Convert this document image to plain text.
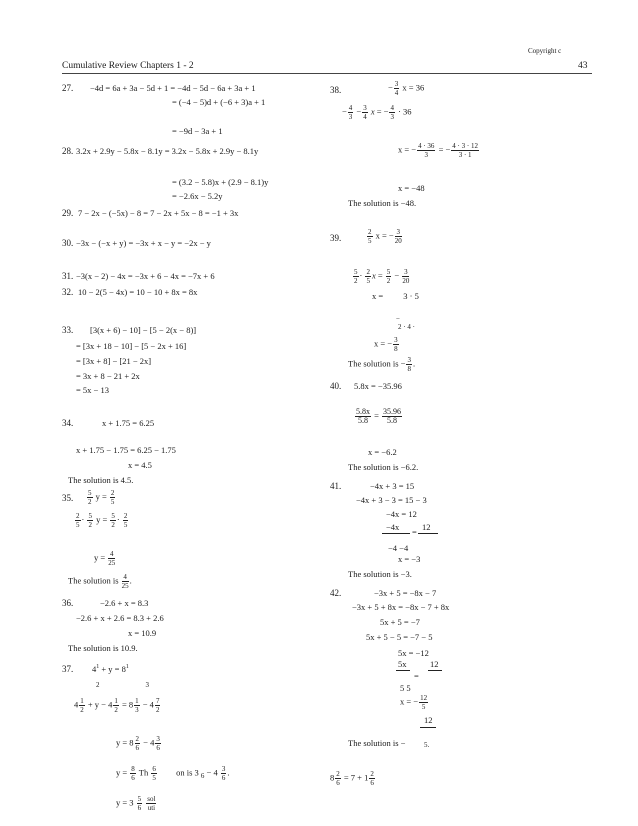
Copyright c
Cumulative Review Chapters 1 - 2	43
27. −4d = 6a + 3a − 5d + 1 = −4d − 5d − 6a + 3a + 1
= (−4 − 5)d + (−6 + 3)a + 1
= −9d − 3a + 1
28. 3.2x + 2.9y − 5.8x − 8.1y = 3.2x − 5.8x + 2.9y − 8.1y
= (3.2 − 5.8)x + (2.9 − 8.1)y
= −2.6x − 5.2y
29. 7 − 2x − (−5x) − 8 = 7 − 2x + 5x − 8 = −1 + 3x
30. −3x − (−x + y) = −3x + x − y = −2x − y
31. −3(x − 2) − 4x = −3x + 6 − 4x = −7x + 6
32. 10 − 2(5 − 4x) = 10 − 10 + 8x = 8x
33. [3(x + 6) − 10] − [5 − 2(x − 8)]
= [3x + 18 − 10] − [5 − 2x + 16]
= [3x + 8] − [21 − 2x]
= 3x + 8 − 21 + 2x
= 5x − 13
34.	x + 1.75 = 6.25
x + 1.75 − 1.75 = 6.25 − 1.75
x = 4.5
The solution is 4.5.
35. $\frac{5}{2}$ $y = \frac{2}{5}$
$\frac{2}{5} \cdot \frac{5}{2}$ $y = \frac{5}{2} \cdot \frac{2}{5}$
$y = \frac{4}{25}$
The solution is $\frac{4}{25}$ .
36.	−2.6 + x = 8.3
−2.6 + x + 2.6 = 8.3 + 2.6
x = 10.9
The solution is 10.9.
37. $4^1 + y = 8^1$
2	3
$4 \frac{1}{2} + y - 4 \frac{1}{2} = 8 \frac{1}{3} - 4 \frac{7}{2}$
$y = 8 \frac{2}{6} - 4 \frac{3}{6}$
$y = \frac{8}{6}$ Th $\frac{6}{5}$ on is 3 $_6 - 4 \frac{3}{6}$ .
$y = 3 \frac{5}{6}$
sol
uti
38.	− $\frac{3}{4}$ x = 36
− $\frac{4}{3} - \frac{3}{4}$ x = − $\frac{4}{3} \cdot 36$
x = − $\frac{4 \cdot 36}{3}$ = − $\frac{4 \cdot 3 \cdot 12}{3 \cdot 1}$
x = −48
The solution is −48.
39.	$\frac{2}{5}$ x = − $\frac{3}{20}$
$\frac{5}{2} \cdot \frac{2}{5}$ $x = \frac{5}{2} - \frac{3}{20}$
x = 3 · 5
−
2 · 4 ·
x = − $\frac{3}{8}$
The solution is − $\frac{3}{8}$ .
40. 5.8x = −35.96
$\frac{5.8x}{5.8} = \frac{35.96}{5.8}$
x = −6.2
The solution is −6.2.
41.	−4x + 3 = 15
−4x + 3 − 3 = 15 − 3
−4x = 12
−4x = 12
−4 −4
x = −3
The solution is −3.
42.	−3x + 5 = −8x − 7
−3x + 5 + 8x = −8x − 7 + 8x
5x + 5 = −7
5x + 5 − 5 = −7 − 5
5x = −12
5x	12
=
5 5
x = − $\frac{12}{5}$
12
The solution is −	5.
$8 \frac{2}{6} = 7 + 1 \frac{2}{6}$
